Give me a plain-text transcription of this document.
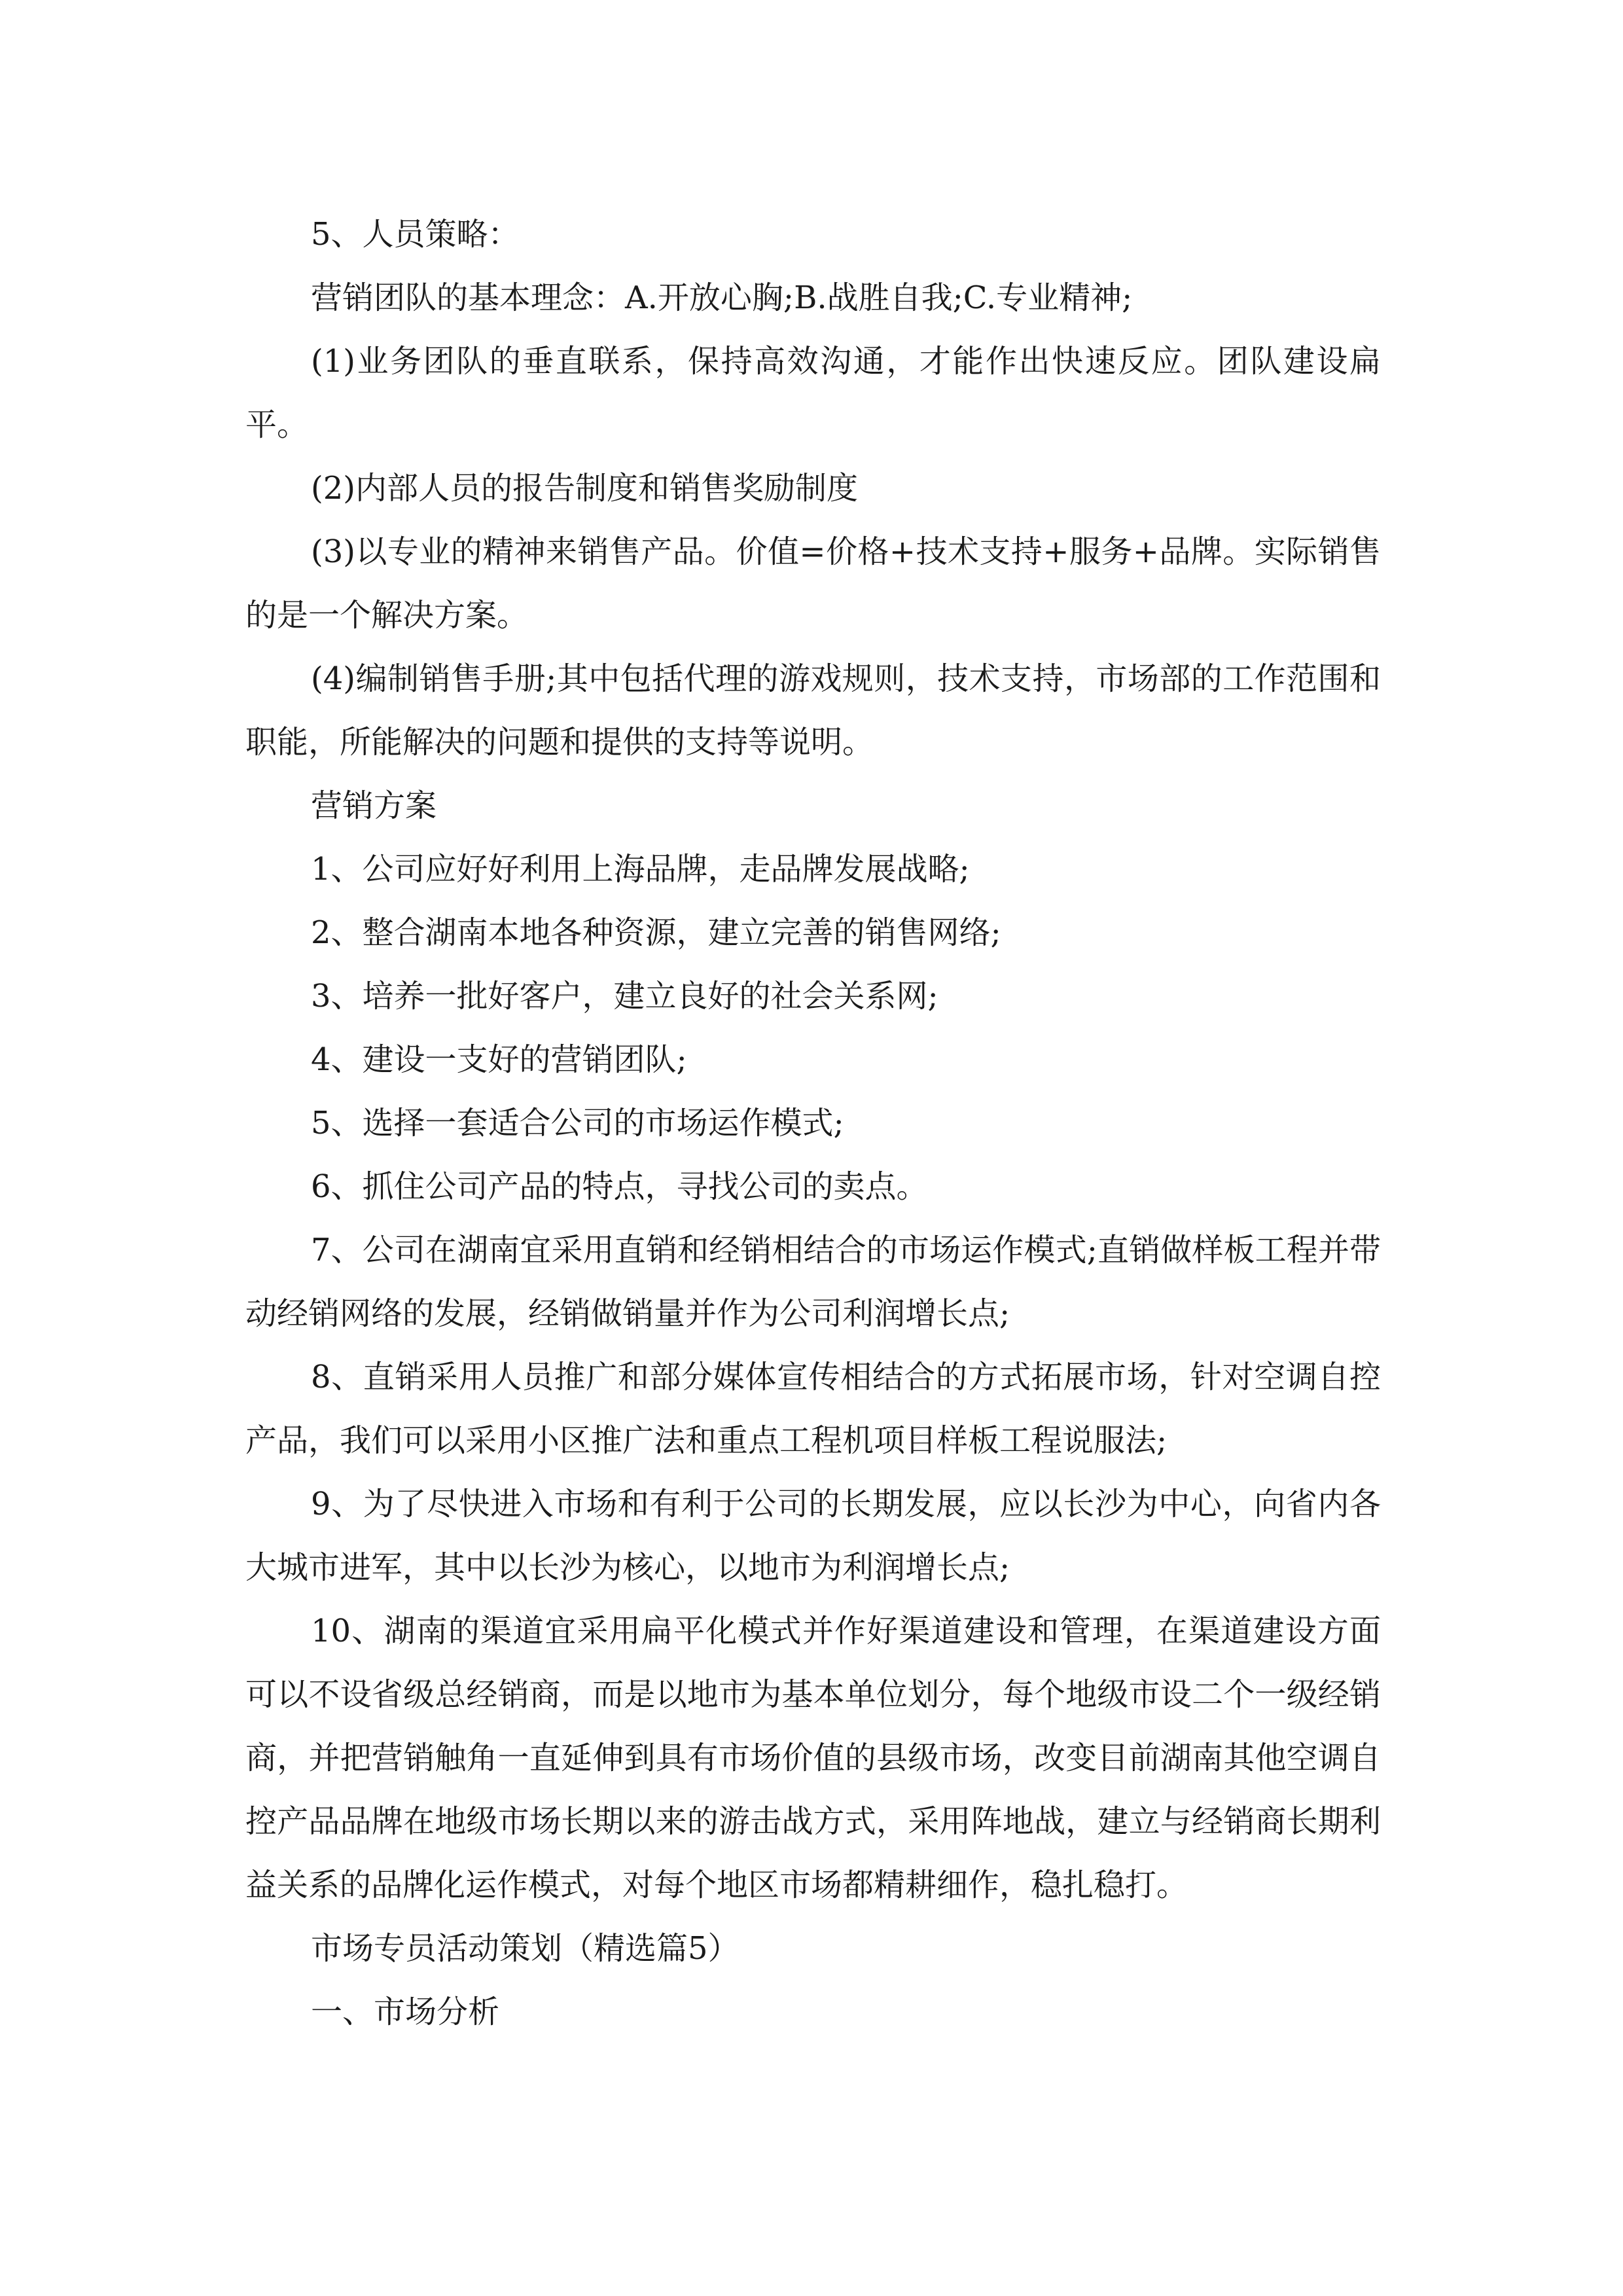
5、人员策略：

营销团队的基本理念：A.开放心胸;B.战胜自我;C.专业精神;

(1)业务团队的垂直联系，保持高效沟通，才能作出快速反应。团队建设扁平。

(2)内部人员的报告制度和销售奖励制度

(3)以专业的精神来销售产品。价值=价格+技术支持+服务+品牌。实际销售的是一个解决方案。

(4)编制销售手册;其中包括代理的游戏规则，技术支持，市场部的工作范围和职能，所能解决的问题和提供的支持等说明。

营销方案

1、公司应好好利用上海品牌，走品牌发展战略;

2、整合湖南本地各种资源，建立完善的销售网络;

3、培养一批好客户，建立良好的社会关系网;

4、建设一支好的营销团队;

5、选择一套适合公司的市场运作模式;

6、抓住公司产品的特点，寻找公司的卖点。

7、公司在湖南宜采用直销和经销相结合的市场运作模式;直销做样板工程并带动经销网络的发展，经销做销量并作为公司利润增长点;

8、直销采用人员推广和部分媒体宣传相结合的方式拓展市场，针对空调自控产品，我们可以采用小区推广法和重点工程机项目样板工程说服法;

9、为了尽快进入市场和有利于公司的长期发展，应以长沙为中心，向省内各大城市进军，其中以长沙为核心，以地市为利润增长点;

10、湖南的渠道宜采用扁平化模式并作好渠道建设和管理，在渠道建设方面可以不设省级总经销商，而是以地市为基本单位划分，每个地级市设二个一级经销商，并把营销触角一直延伸到具有市场价值的县级市场，改变目前湖南其他空调自控产品品牌在地级市场长期以来的游击战方式，采用阵地战，建立与经销商长期利益关系的品牌化运作模式，对每个地区市场都精耕细作，稳扎稳打。

市场专员活动策划（精选篇5）

一、市场分析
